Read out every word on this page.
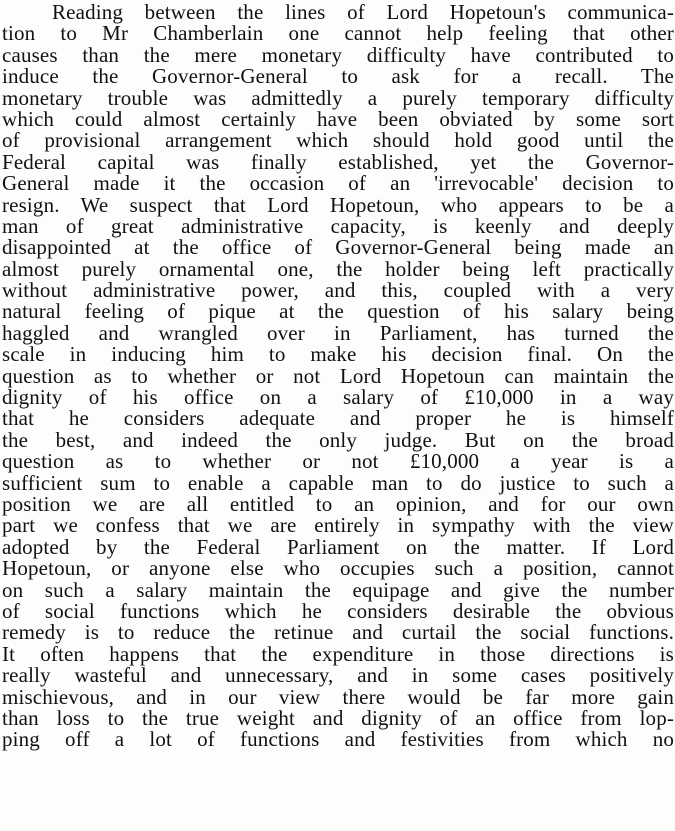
Reading between the lines of Lord Hopetoun's communica-
tion to Mr Chamberlain one cannot help feeling that other
causes than the mere monetary difficulty have contributed to
induce the Governor-General to ask for a recall. The
monetary trouble was admittedly a purely temporary difficulty
which could almost certainly have been obviated by some sort
of provisional arrangement which should hold good until the
Federal capital was finally established, yet the Governor-
General made it the occasion of an 'irrevocable' decision to
resign. We suspect that Lord Hopetoun, who appears to be a
man of great administrative capacity, is keenly and deeply
disappointed at the office of Governor-General being made an
almost purely ornamental one, the holder being left practically
without administrative power, and this, coupled with a very
natural feeling of pique at the question of his salary being
haggled and wrangled over in Parliament, has turned the
scale in inducing him to make his decision final. On the
question as to whether or not Lord Hopetoun can maintain the
dignity of his office on a salary of £10,000 in a way
that he considers adequate and proper he is himself
the best, and indeed the only judge. But on the broad
question as to whether or not £10,000 a year is a
sufficient sum to enable a capable man to do justice to such a
position we are all entitled to an opinion, and for our own
part we confess that we are entirely in sympathy with the view
adopted by the Federal Parliament on the matter. If Lord
Hopetoun, or anyone else who occupies such a position, cannot
on such a salary maintain the equipage and give the number
of social functions which he considers desirable the obvious
remedy is to reduce the retinue and curtail the social functions.
It often happens that the expenditure in those directions is
really wasteful and unnecessary, and in some cases positively
mischievous, and in our view there would be far more gain
than loss to the true weight and dignity of an office from lop-
ping off a lot of functions and festivities from which no
